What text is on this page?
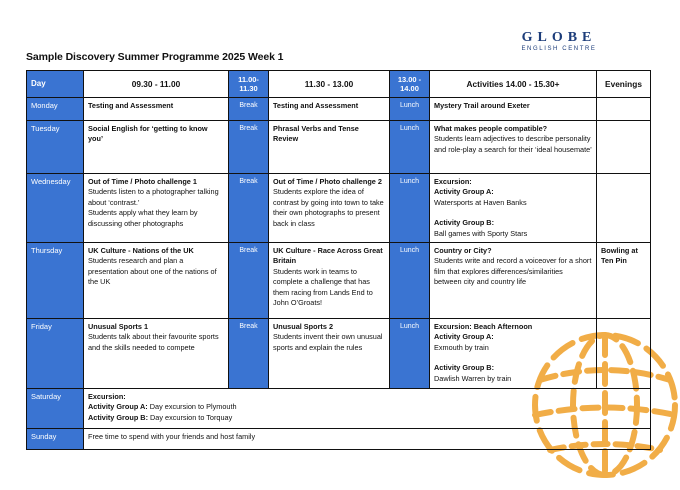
GLOBE
ENGLISH CENTRE
Sample Discovery Summer Programme 2025 Week 1
Day	09.30 - 11.00	11.00-
11.30	11.30 - 13.00	13.00 -
14.00	Activities 14.00 - 15.30+	Evenings
Monday	Testing and Assessment	Break	Testing and Assessment	Lunch	Mystery Trail around Exeter	

Tuesday	Social English for ‘getting to know you’	Break	Phrasal Verbs and Tense Review	Lunch	What makes people compatible?
Students learn adjectives to describe personality and role-play a search for their ‘ideal housemate’	

Wednesday	Out of Time / Photo challenge 1
Students listen to a photographer talking about ‘contrast.’
Students apply what they learn by discussing other photographs	Break	Out of Time / Photo challenge 2
Students explore the idea of contrast by going into town to take their own photographs to present back in class	Lunch	Excursion:
Activity Group A:
Watersports at Haven Banks
Activity Group B:
Ball games with Sporty Stars	

Thursday	UK Culture - Nations of the UK
Students research and plan a presentation about one of the nations of the UK	Break	UK Culture - Race Across Great Britain
Students work in teams to complete a challenge that has them racing from Lands End to John O’Groats!	Lunch	Country or City?
Students write and record a voiceover for a short film that explores differences/similarities between city and country life	Bowling at Ten Pin
Friday	Unusual Sports 1
Students talk about their favourite sports and the skills needed to compete	Break	Unusual Sports 2
Students invent their own unusual sports and explain the rules	Lunch	Excursion: Beach Afternoon
Activity Group A:
Exmouth by train
Activity Group B:
Dawlish Warren by train	

Saturday	Excursion:
Activity Group A: Day excursion to Plymouth
Activity Group B: Day excursion to Torquay					

Sunday	Free time to spend with your friends and host family					
